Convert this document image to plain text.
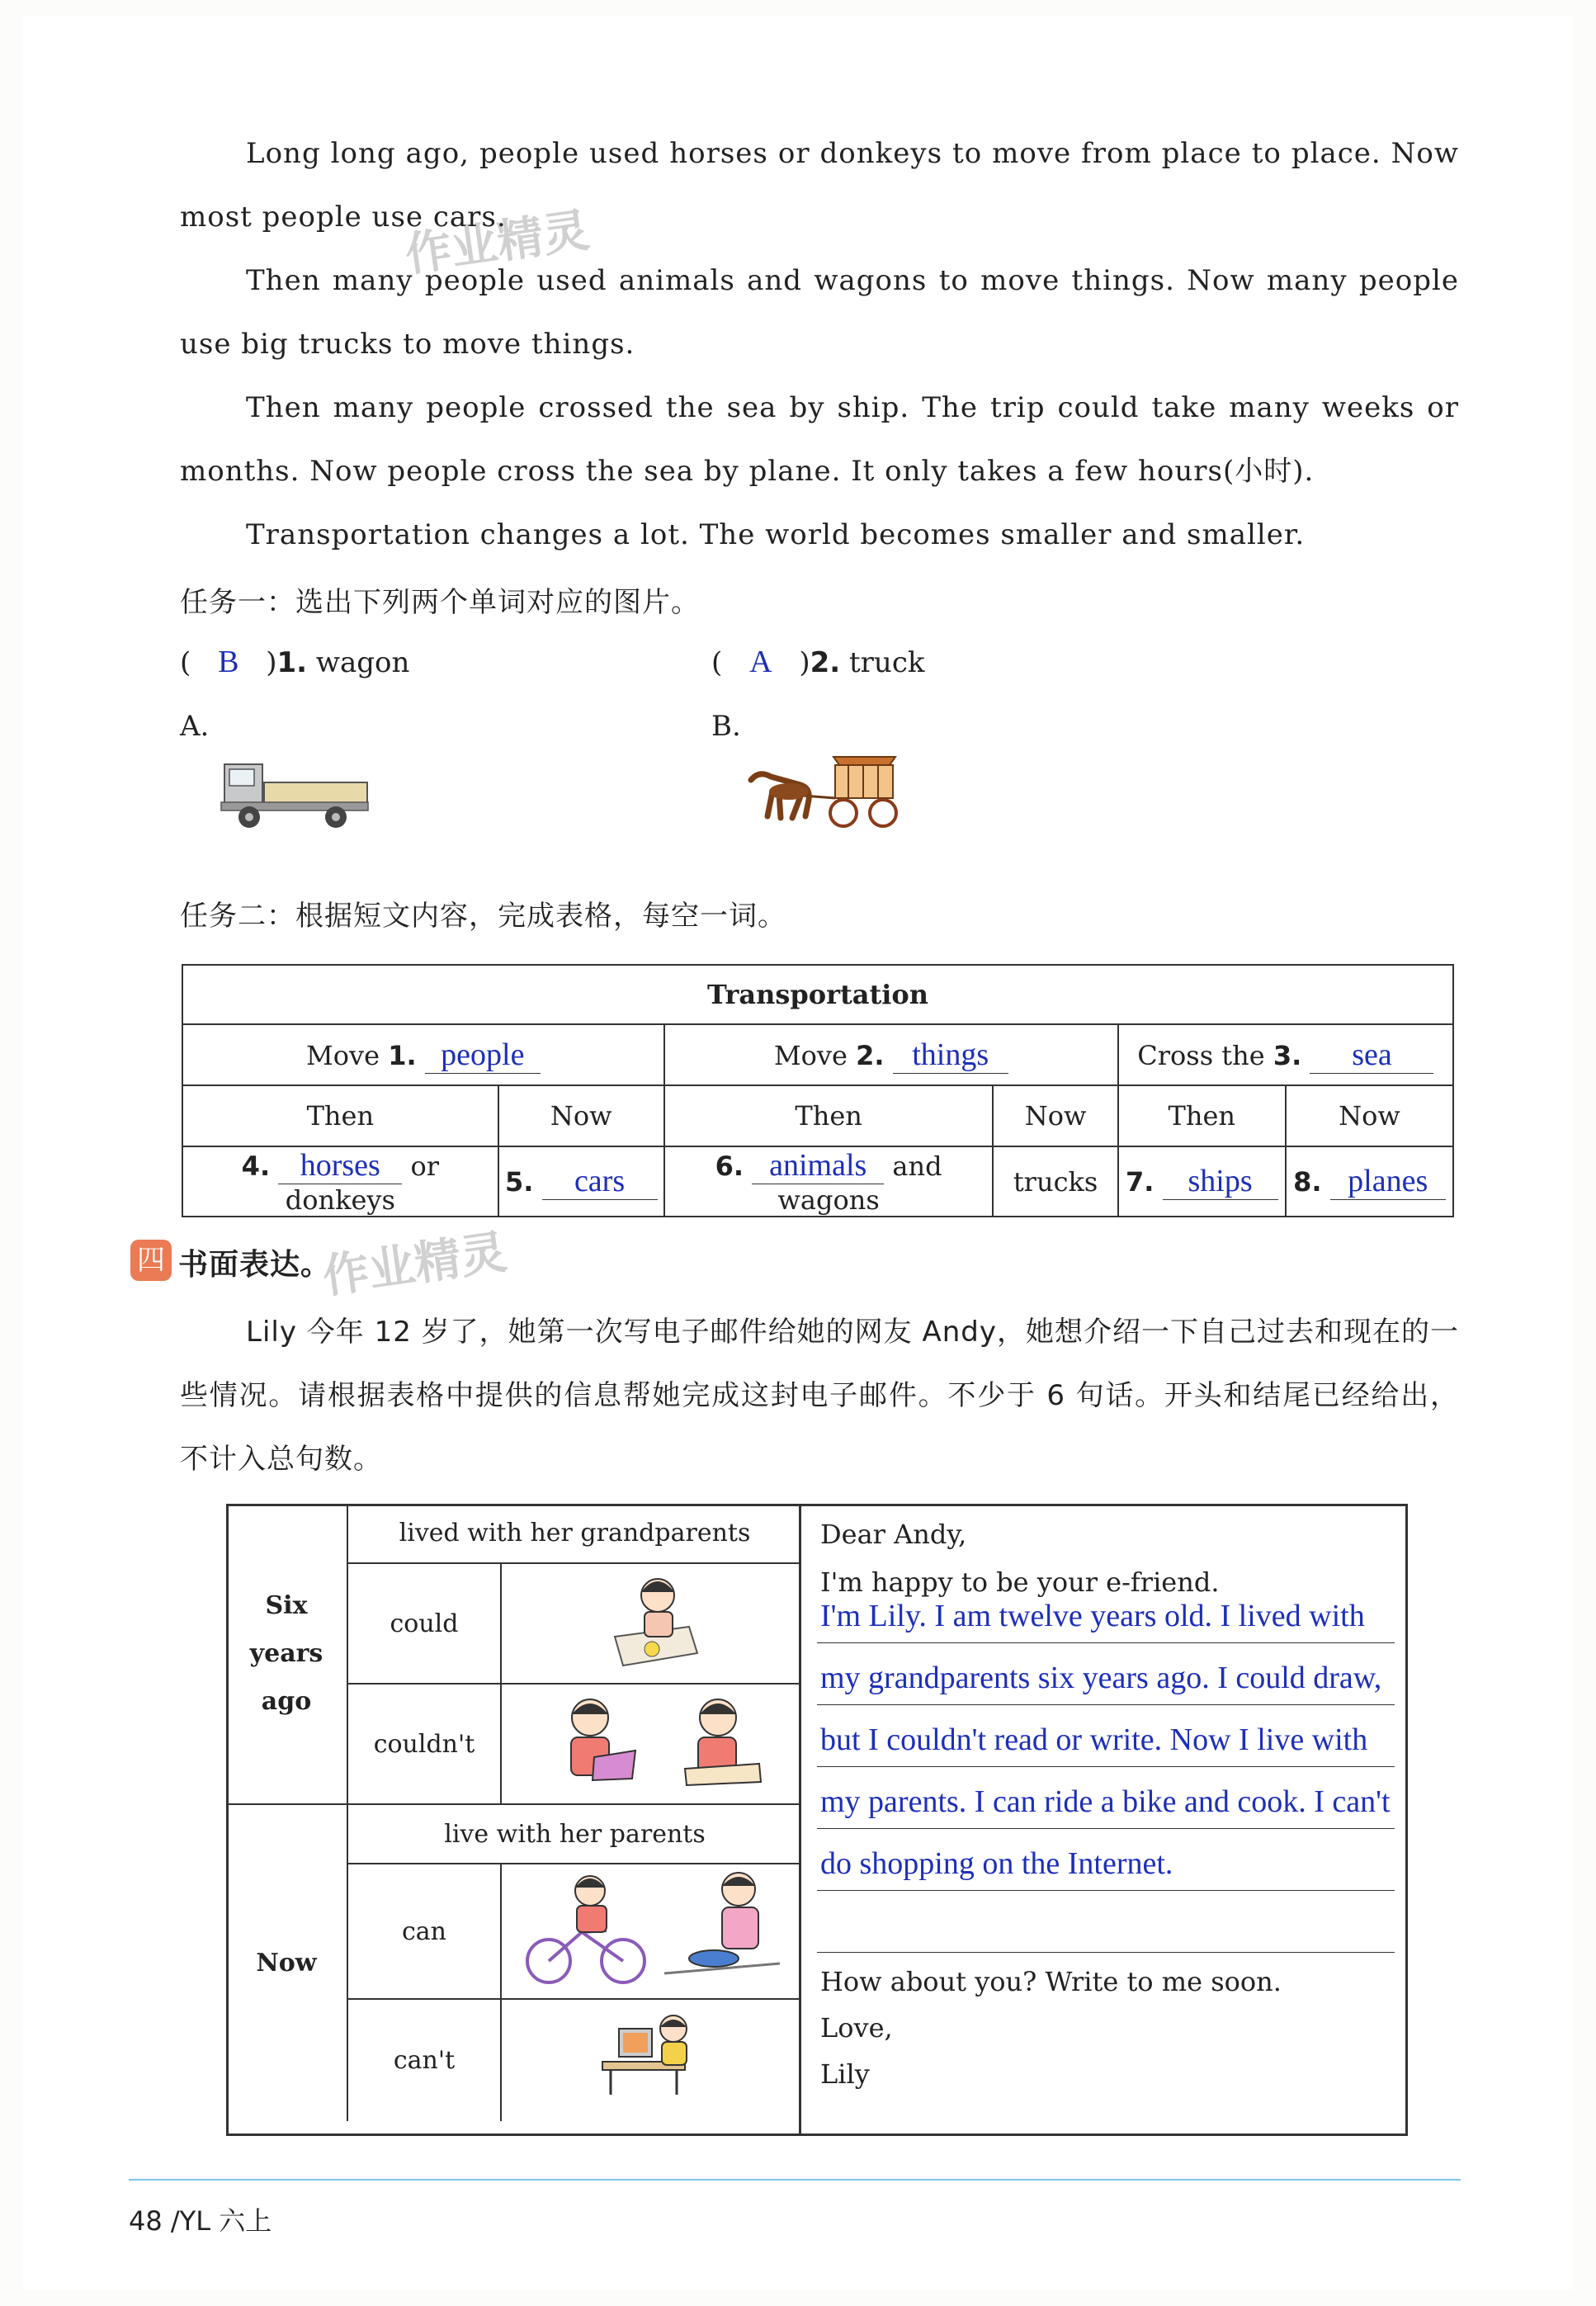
Long long ago, people used horses or donkeys to move from place to place. Now most people use cars.

Then many people used animals and wagons to move things. Now many people use big trucks to move things.

Then many people crossed the sea by ship. The trip could take many weeks or months. Now people cross the sea by plane. It only takes a few hours(小时).

Transportation changes a lot. The world becomes smaller and smaller.

作业精灵
任务一：选出下列两个单词对应的图片。
( B )1. wagon	( A )2. truck
A.	B.
任务二：根据短文内容，完成表格，每空一词。
Transportation					
Move 1. people		Move 2. things		Cross the 3. sea	
Then	Now	Then	Now	Then	Now
4. horses or donkeys	5. cars	6. animals and wagons	trucks	7. ships	8. planes
四 书面表达。
作业精灵
Lily 今年 12 岁了，她第一次写电子邮件给她的网友 Andy，她想介绍一下自己过去和现在的一些情况。请根据表格中提供的信息帮她完成这封电子邮件。不少于 6 句话。开头和结尾已经给出，不计入总句数。
Six years ago	lived with her grandparents	
	could	
	couldn't	
Now	live with her parents	
	can	
	can't	
Dear Andy,
I'm happy to be your e-friend.
I'm Lily. I am twelve years old. I lived with
my grandparents six years ago. I could draw,
but I couldn't read or write. Now I live with
my parents. I can ride a bike and cook. I can't
do shopping on the Internet.
How about you? Write to me soon.
Love,
Lily
48 /YL 六上
